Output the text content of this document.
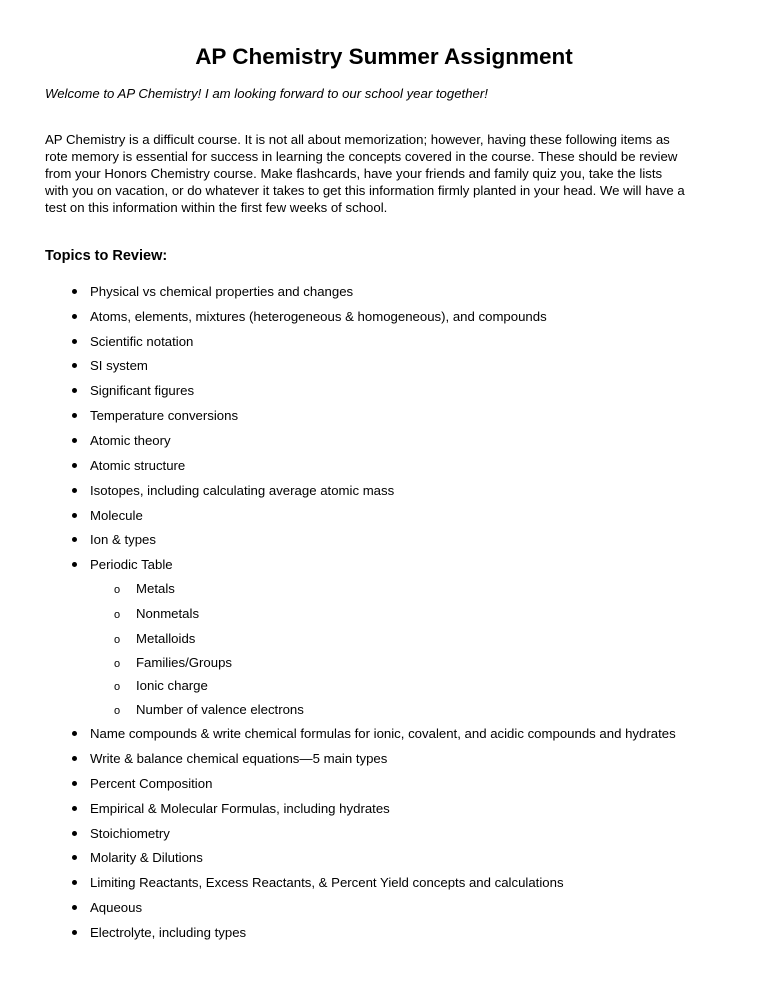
AP Chemistry Summer Assignment

Welcome to AP Chemistry! I am looking forward to our school year together!

AP Chemistry is a difficult course. It is not all about memorization; however, having these following items as
rote memory is essential for success in learning the concepts covered in the course. These should be review
from your Honors Chemistry course. Make flashcards, have your friends and family quiz you, take the lists
with you on vacation, or do whatever it takes to get this information firmly planted in your head. We will have a
test on this information within the first few weeks of school.

Topics to Review:
Physical vs chemical properties and changes
Atoms, elements, mixtures (heterogeneous & homogeneous), and compounds
Scientific notation
SI system
Significant figures
Temperature conversions
Atomic theory
Atomic structure
Isotopes, including calculating average atomic mass
Molecule
Ion & types
Periodic Table
o Metals
o Nonmetals
o Metalloids
o Families/Groups
o Ionic charge
o Number of valence electrons
Name compounds & write chemical formulas for ionic, covalent, and acidic compounds and hydrates
Write & balance chemical equations—5 main types
Percent Composition
Empirical & Molecular Formulas, including hydrates
Stoichiometry
Molarity & Dilutions
Limiting Reactants, Excess Reactants, & Percent Yield concepts and calculations
Aqueous
Electrolyte, including types
